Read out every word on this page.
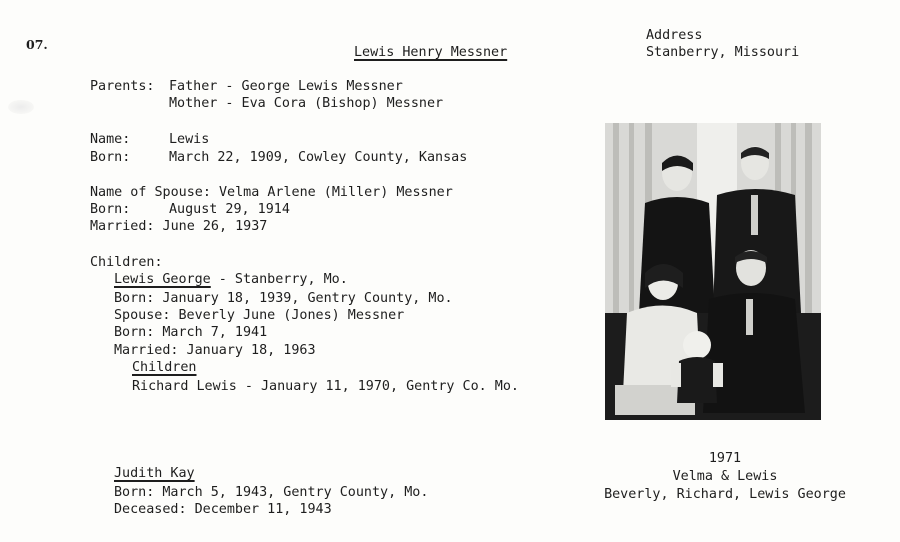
07.
Lewis Henry Messner
Address
Stanberry, Missouri
Parents: Father - George Lewis Messner
Mother - Eva Cora (Bishop) Messner
Name:	Lewis
Born:	March 22, 1909, Cowley County, Kansas
Name of Spouse: Velma Arlene (Miller) Messner
Born:	August 29, 1914
Married: June 26, 1937
Children:
Lewis George - Stanberry, Mo.
Born: January 18, 1939, Gentry County, Mo.
Spouse: Beverly June (Jones) Messner
Born: March 7, 1941
Married: January 18, 1963
Children
Richard Lewis - January 11, 1970, Gentry Co. Mo.
Judith Kay
Born: March 5, 1943, Gentry County, Mo.
Deceased: December 11, 1943
1971
Velma & Lewis
Beverly, Richard, Lewis George
